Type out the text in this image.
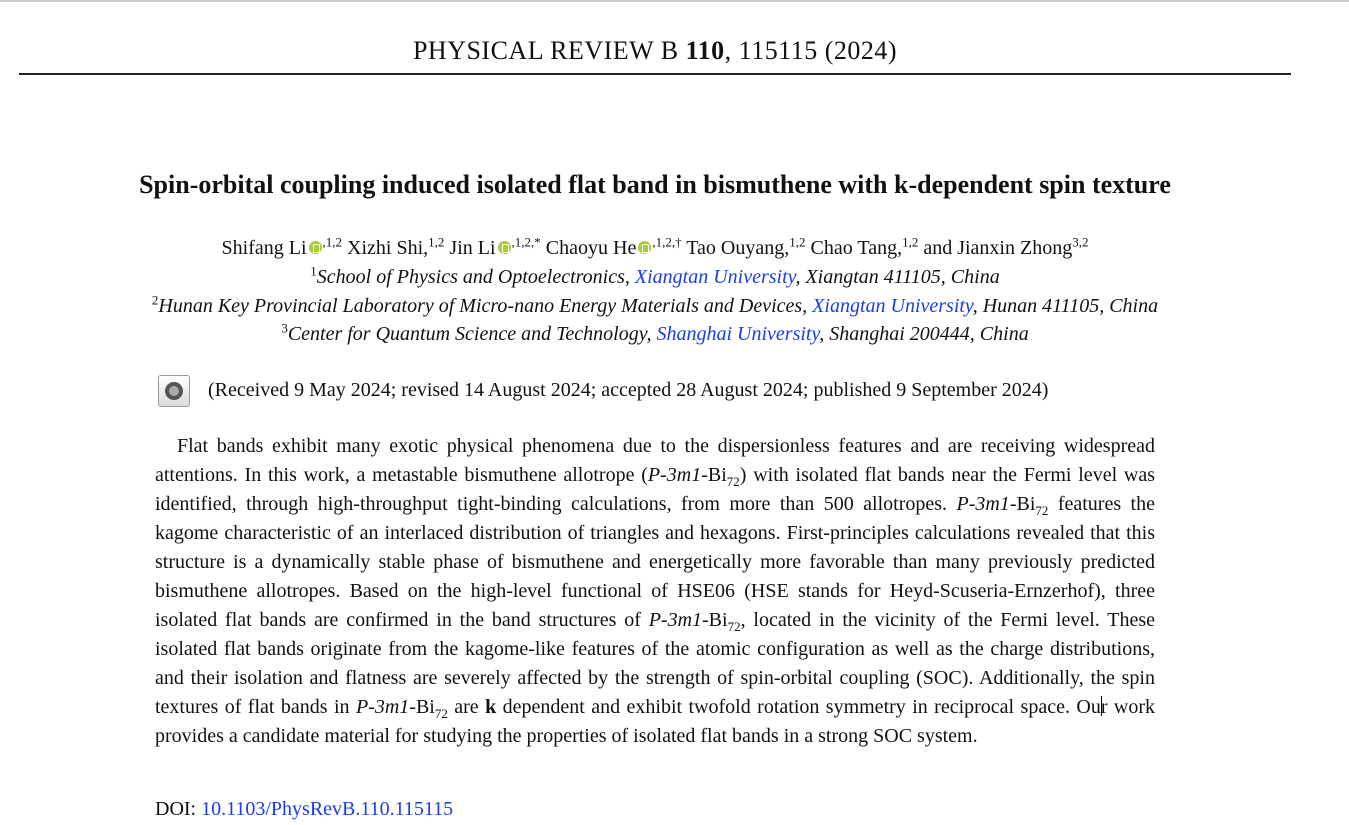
PHYSICAL REVIEW B 110, 115115 (2024)
Spin-orbital coupling induced isolated flat band in bismuthene with k-dependent spin texture
Shifang Li $^{,1,2}$ Xizhi Shi,$^{1,2}$ Jin Li $^{,1,2,*}$ Chaoyu He $^{,1,2,\dagger}$ Tao Ouyang,$^{1,2}$ Chao Tang,$^{1,2}$ and Jianxin Zhong$^{3,2}$
$^1$School of Physics and Optoelectronics, Xiangtan University, Xiangtan 411105, China
$^2$Hunan Key Provincial Laboratory of Micro-nano Energy Materials and Devices, Xiangtan University, Hunan 411105, China
$^3$Center for Quantum Science and Technology, Shanghai University, Shanghai 200444, China
(Received 9 May 2024; revised 14 August 2024; accepted 28 August 2024; published 9 September 2024)
Flat bands exhibit many exotic physical phenomena due to the dispersionless features and are receiving widespread attentions. In this work, a metastable bismuthene allotrope $(P-3m1-Bi_{72})$ with isolated flat bands near the Fermi level was identified, through high-throughput tight-binding calculations, from more than 500 allotropes. $P-3m1-Bi_{72}$ features the kagome characteristic of an interlaced distribution of triangles and hexagons. First-principles calculations revealed that this structure is a dynamically stable phase of bismuthene and energetically more favorable than many previously predicted bismuthene allotropes. Based on the high-level functional of HSE06 (HSE stands for Heyd-Scuseria-Ernzerhof), three isolated flat bands are confirmed in the band structures of $P-3m1-Bi_{72}$, located in the vicinity of the Fermi level. These isolated flat bands originate from the kagome-like features of the atomic configuration as well as the charge distributions, and their isolation and flatness are severely affected by the strength of spin-orbital coupling (SOC). Additionally, the spin textures of flat bands in $P-3m1-Bi_{72}$ are k dependent and exhibit twofold rotation symmetry in reciprocal space. Our work provides a candidate material for studying the properties of isolated flat bands in a strong SOC system.
DOI: 10.1103/PhysRevB.110.115115
